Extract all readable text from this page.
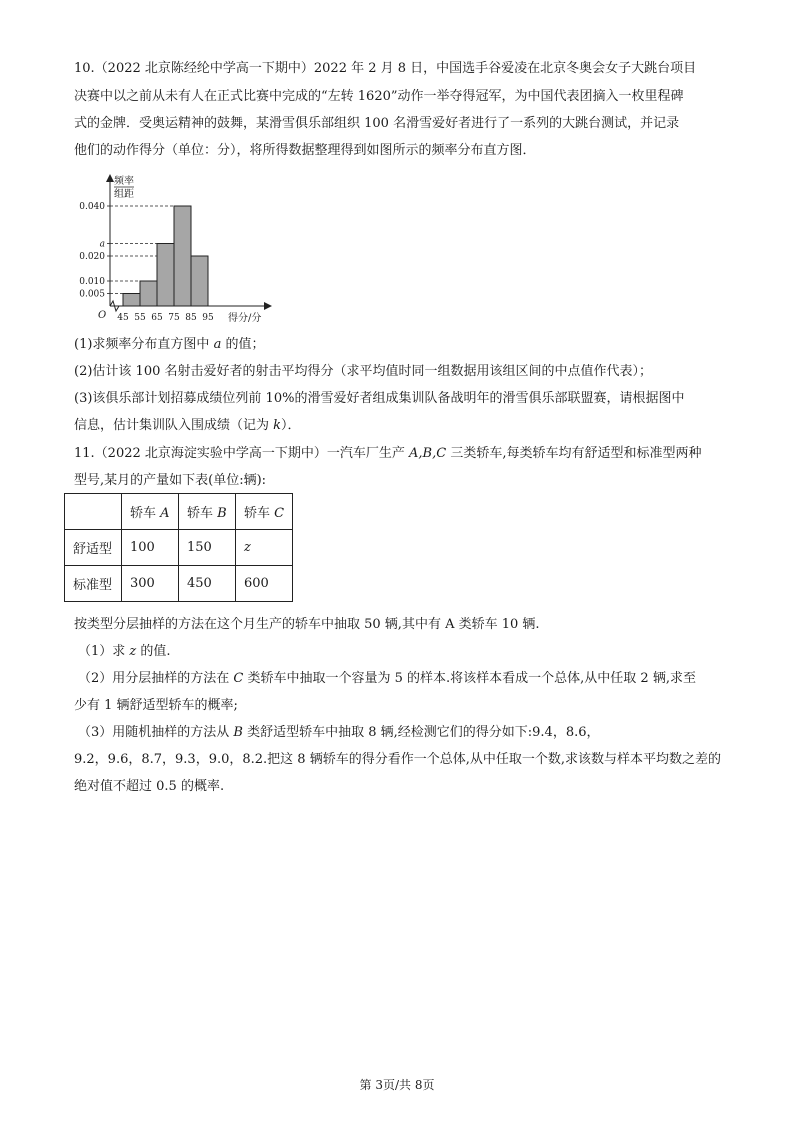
10.（2022 北京陈经纶中学高一下期中）2022 年 2 月 8 日，中国选手谷爱凌在北京冬奥会女子大跳台项目
决赛中以之前从未有人在正式比赛中完成的“左转 1620”动作一举夺得冠军，为中国代表团摘入一枚里程碑
式的金牌．受奥运精神的鼓舞，某滑雪俱乐部组织 100 名滑雪爱好者进行了一系列的大跳台测试，并记录
他们的动作得分（单位：分），将所得数据整理得到如图所示的频率分布直方图．
频率
组距
O	得分/分
0.005
0.010
0.020
a
0.040
45 55 65 75 85 95
(1)求频率分布直方图中 a 的值；
(2)估计该 100 名射击爱好者的射击平均得分（求平均值时同一组数据用该组区间的中点值作代表）；
(3)该俱乐部计划招募成绩位列前 10%的滑雪爱好者组成集训队备战明年的滑雪俱乐部联盟赛，请根据图中
信息，估计集训队入围成绩（记为 k）．
11.（2022 北京海淀实验中学高一下期中）一汽车厂生产 A,B,C 三类轿车,每类轿车均有舒适型和标准型两种
型号,某月的产量如下表(单位:辆):
	轿车 A	轿车 B	轿车 C
舒适型	100	150	z
标准型	300	450	600
按类型分层抽样的方法在这个月生产的轿车中抽取 50 辆,其中有 A 类轿车 10 辆.
（1）求 z 的值.
（2）用分层抽样的方法在 C 类轿车中抽取一个容量为 5 的样本.将该样本看成一个总体,从中任取 2 辆,求至
少有 1 辆舒适型轿车的概率;
（3）用随机抽样的方法从 B 类舒适型轿车中抽取 8 辆,经检测它们的得分如下:9.4，8.6，
9.2，9.6，8.7，9.3，9.0，8.2.把这 8 辆轿车的得分看作一个总体,从中任取一个数,求该数与样本平均数之差的
绝对值不超过 0.5 的概率.
第 3页/共 8页
